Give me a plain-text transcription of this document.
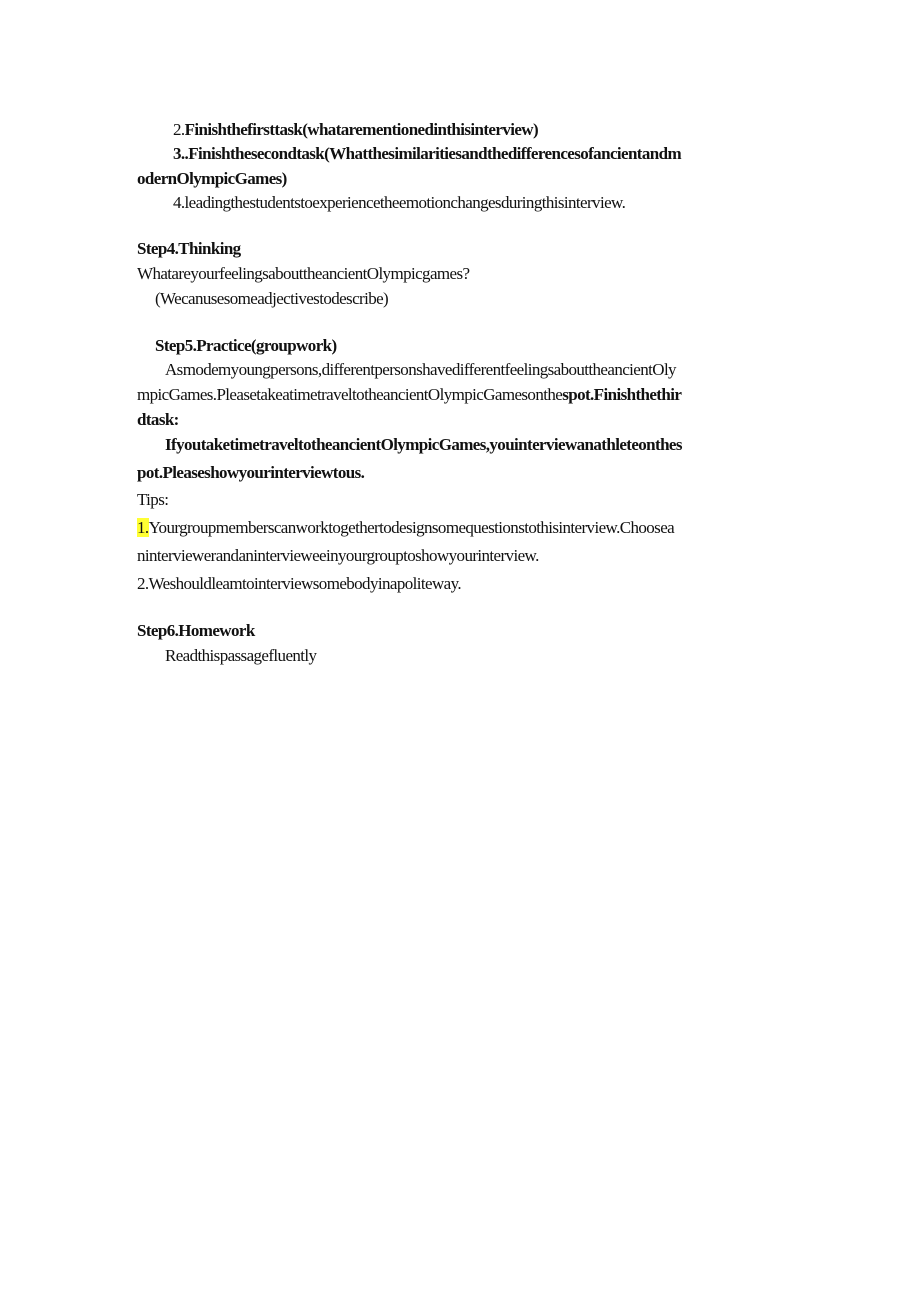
2.Finishthefirsttask(whatarementionedinthisinterview)
3..Finishthesecondtask(Whatthesimilaritiesandthedifferencesofancientandm
odernOlympicGames)
4.leadingthestudentstoexperiencetheemotionchangesduringthisinterview.
Step4.Thinking
WhatareyourfeelingsabouttheancientOlympicgames?
(Wecanusesomeadjectivestodescribe)
Step5.Practice(groupwork)
Asmodemyoungpersons,differentpersonshavedifferentfeelingsabouttheancientOly
mpicGames.PleasetakeatimetraveltotheancientOlympicGamesonthespot.Finishthethir
dtask:
IfyoutaketimetraveltotheancientOlympicGames,youinterviewanathleteonthes
pot.Pleaseshowyourinterviewtous.
Tips:
1.Yourgroupmemberscanworktogethertodesignsomequestionstothisinterview.Choosea
ninterviewerandanintervieweeinyourgrouptoshowyourinterview.
2.Weshouldleamtointerviewsomebodyinapoliteway.
Step6.Homework
Readthispassagefluently
